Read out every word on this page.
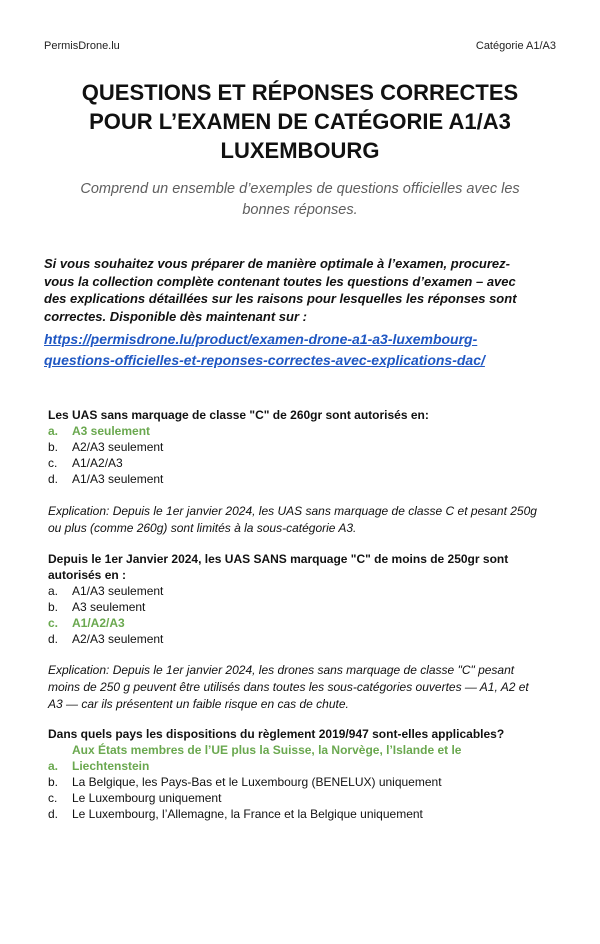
PermisDrone.lu	Catégorie A1/A3
QUESTIONS ET RÉPONSES CORRECTES
POUR L’EXAMEN DE CATÉGORIE A1/A3
LUXEMBOURG
Comprend un ensemble d’exemples de questions officielles avec les
bonnes réponses.
Si vous souhaitez vous préparer de manière optimale à l’examen, procurez-
vous la collection complète contenant toutes les questions d’examen – avec
des explications détaillées sur les raisons pour lesquelles les réponses sont
correctes. Disponible dès maintenant sur :
https://permisdrone.lu/product/examen-drone-a1-a3-luxembourg-
questions-officielles-et-reponses-correctes-avec-explications-dac/
Les UAS sans marquage de classe "C" de 260gr sont autorisés en:
a. A3 seulement
b. A2/A3 seulement
c. A1/A2/A3
d. A1/A3 seulement
Explication: Depuis le 1er janvier 2024, les UAS sans marquage de classe C et pesant 250g
ou plus (comme 260g) sont limités à la sous-catégorie A3.
Depuis le 1er Janvier 2024, les UAS SANS marquage "C" de moins de 250gr sont
autorisés en :
a. A1/A3 seulement
b. A3 seulement
c. A1/A2/A3
d. A2/A3 seulement
Explication: Depuis le 1er janvier 2024, les drones sans marquage de classe "C" pesant
moins de 250 g peuvent être utilisés dans toutes les sous-catégories ouvertes — A1, A2 et
A3 — car ils présentent un faible risque en cas de chute.
Dans quels pays les dispositions du règlement 2019/947 sont-elles applicables?
a.
Aux États membres de l’UE plus la Suisse, la Norvège, l’Islande et le
Liechtenstein
b. La Belgique, les Pays-Bas et le Luxembourg (BENELUX) uniquement
c. Le Luxembourg uniquement
d. Le Luxembourg, l’Allemagne, la France et la Belgique uniquement
